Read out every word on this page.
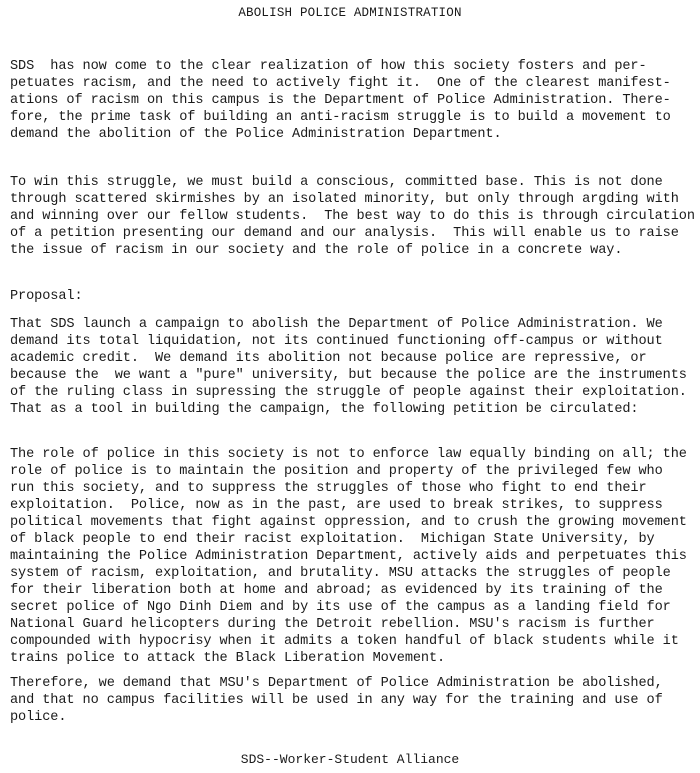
ABOLISH POLICE ADMINISTRATION
SDS  has now come to the clear realization of how this society fosters and per-
petuates racism, and the need to actively fight it.  One of the clearest manifest-
ations of racism on this campus is the Department of Police Administration. There-
fore, the prime task of building an anti-racism struggle is to build a movement to
demand the abolition of the Police Administration Department.
To win this struggle, we must build a conscious, committed base. This is not done
through scattered skirmishes by an isolated minority, but only through argding with
and winning over our fellow students.  The best way to do this is through circulation
of a petition presenting our demand and our analysis.  This will enable us to raise
the issue of racism in our society and the role of police in a concrete way.
Proposal:
That SDS launch a campaign to abolish the Department of Police Administration. We
demand its total liquidation, not its continued functioning off-campus or without
academic credit.  We demand its abolition not because police are repressive, or
because the  we want a "pure" university, but because the police are the instruments
of the ruling class in supressing the struggle of people against their exploitation.
That as a tool in building the campaign, the following petition be circulated:
The role of police in this society is not to enforce law equally binding on all; the
role of police is to maintain the position and property of the privileged few who
run this society, and to suppress the struggles of those who fight to end their
exploitation.  Police, now as in the past, are used to break strikes, to suppress
political movements that fight against oppression, and to crush the growing movement
of black people to end their racist exploitation.  Michigan State University, by
maintaining the Police Administration Department, actively aids and perpetuates this
system of racism, exploitation, and brutality. MSU attacks the struggles of people
for their liberation both at home and abroad; as evidenced by its training of the
secret police of Ngo Dinh Diem and by its use of the campus as a landing field for
National Guard helicopters during the Detroit rebellion. MSU's racism is further
compounded with hypocrisy when it admits a token handful of black students while it
trains police to attack the Black Liberation Movement.
Therefore, we demand that MSU's Department of Police Administration be abolished,
and that no campus facilities will be used in any way for the training and use of
police.
SDS--Worker-Student Alliance
